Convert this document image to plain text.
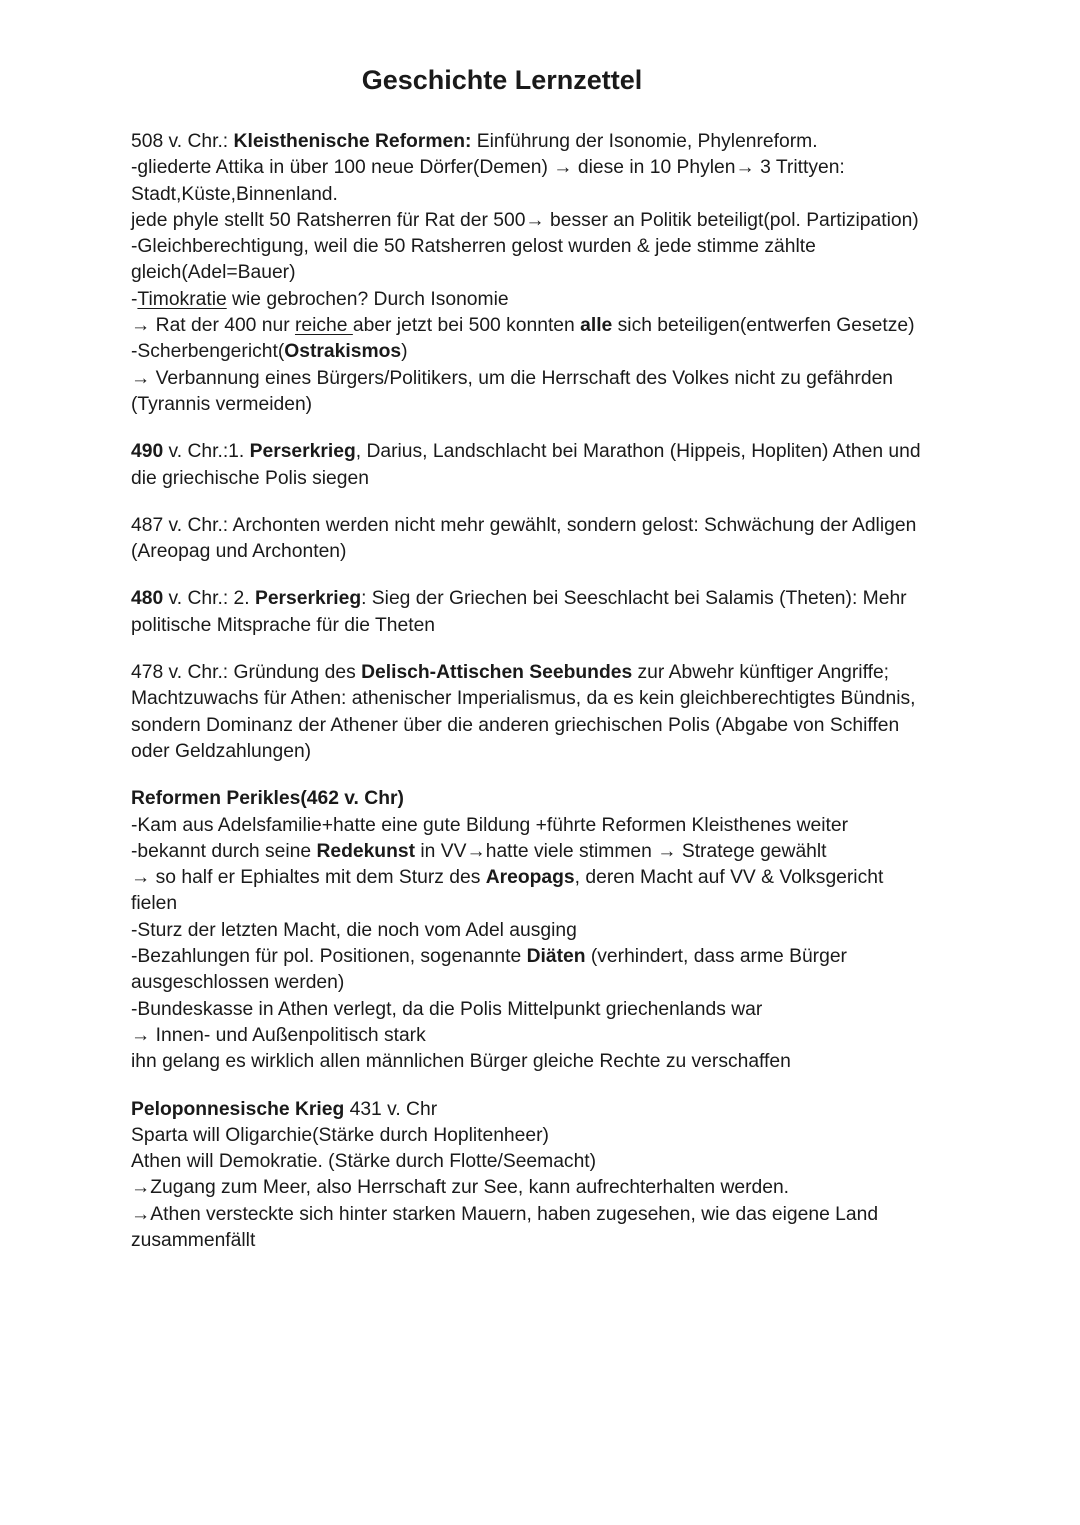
Geschichte Lernzettel
508 v. Chr.: Kleisthenische Reformen: Einführung der Isonomie, Phylenreform.
-gliederte Attika in über 100 neue Dörfer(Demen) → diese in 10 Phylen→ 3 Trittyen:
Stadt,Küste,Binnenland.
jede phyle stellt 50 Ratsherren für Rat der 500→ besser an Politik beteiligt(pol. Partizipation)
-Gleichberechtigung, weil die 50 Ratsherren gelost wurden & jede stimme zählte
gleich(Adel=Bauer)
-Timokratie wie gebrochen? Durch Isonomie
→ Rat der 400 nur reiche aber jetzt bei 500 konnten alle sich beteiligen(entwerfen Gesetze)
-Scherbengericht(Ostrakismos)
→ Verbannung eines Bürgers/Politikers, um die Herrschaft des Volkes nicht zu gefährden
(Tyrannis vermeiden)
490 v. Chr.:1. Perserkrieg, Darius, Landschlacht bei Marathon (Hippeis, Hopliten) Athen und
die griechische Polis siegen
487 v. Chr.: Archonten werden nicht mehr gewählt, sondern gelost: Schwächung der Adligen
(Areopag und Archonten)
480 v. Chr.: 2. Perserkrieg: Sieg der Griechen bei Seeschlacht bei Salamis (Theten): Mehr
politische Mitsprache für die Theten
478 v. Chr.: Gründung des Delisch-Attischen Seebundes zur Abwehr künftiger Angriffe;
Machtzuwachs für Athen: athenischer Imperialismus, da es kein gleichberechtigtes Bündnis,
sondern Dominanz der Athener über die anderen griechischen Polis (Abgabe von Schiffen
oder Geldzahlungen)
Reformen Perikles(462 v. Chr)
-Kam aus Adelsfamilie+hatte eine gute Bildung +führte Reformen Kleisthenes weiter
-bekannt durch seine Redekunst in VV→hatte viele stimmen → Stratege gewählt
→ so half er Ephialtes mit dem Sturz des Areopags, deren Macht auf VV & Volksgericht
fielen
-Sturz der letzten Macht, die noch vom Adel ausging
-Bezahlungen für pol. Positionen, sogenannte Diäten (verhindert, dass arme Bürger
ausgeschlossen werden)
-Bundeskasse in Athen verlegt, da die Polis Mittelpunkt griechenlands war
→ Innen- und Außenpolitisch stark
ihn gelang es wirklich allen männlichen Bürger gleiche Rechte zu verschaffen
Peloponnesische Krieg 431 v. Chr
Sparta will Oligarchie(Stärke durch Hoplitenheer)
Athen will Demokratie. (Stärke durch Flotte/Seemacht)
→Zugang zum Meer, also Herrschaft zur See, kann aufrechterhalten werden.
→Athen versteckte sich hinter starken Mauern, haben zugesehen, wie das eigene Land
zusammenfällt
